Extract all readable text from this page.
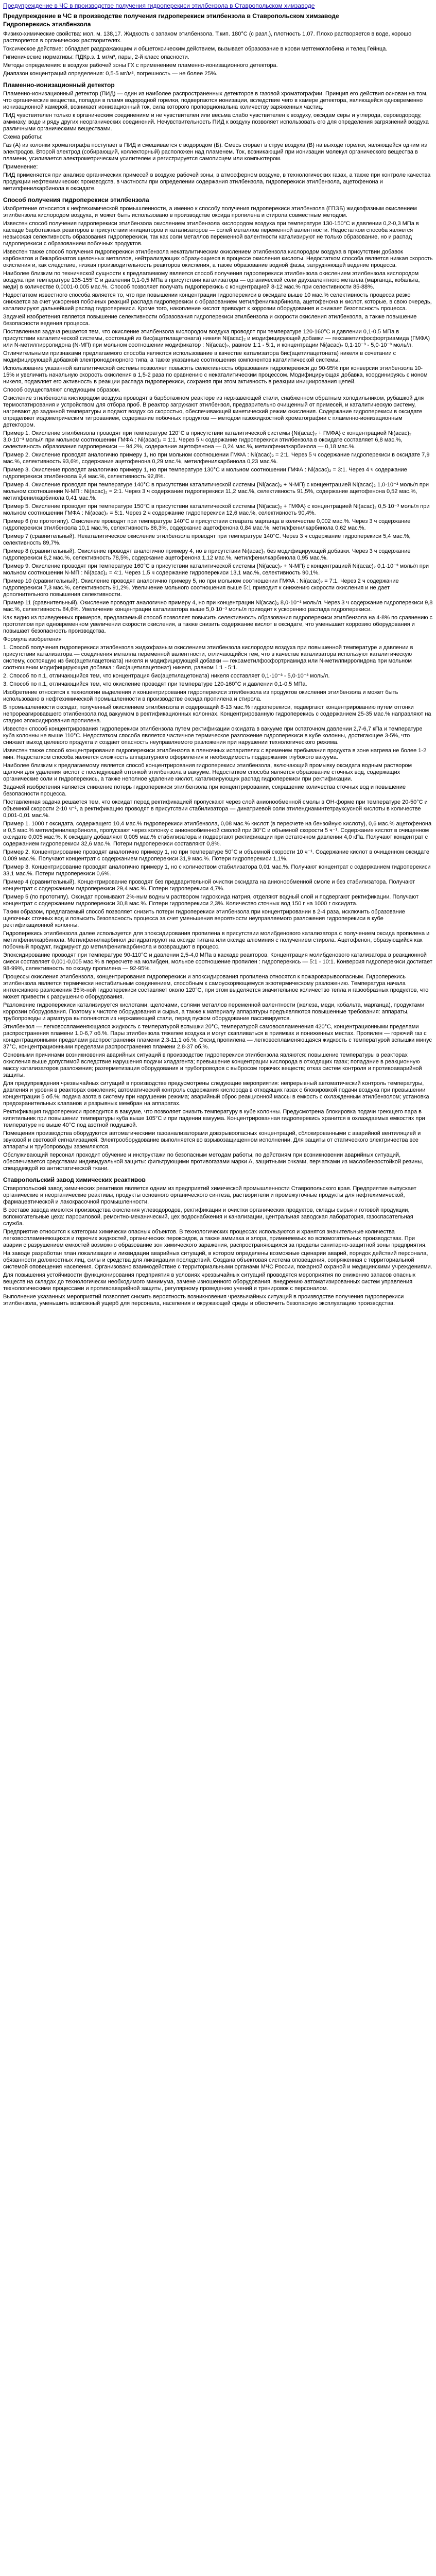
Предупреждение в ЧС в производстве получения гидроперекиси этилбензола в Ставропольском химзаводе
Предупреждение в ЧС в производстве получения гидроперекиси этилбензола в Ставропольском химзаводе
Гидроперекись этилбензола

Физико-химические свойства: мол. м. 138,17. Жидкость с запахом этилбензола. Т.кип. 180°С (с разл.), плотность 1,07. Плохо растворяется в воде, хорошо растворяется в органических растворителях.

Токсическое действие: обладает раздражающим и общетоксическим действием, вызывает образование в крови метгемоглобина и телец Гейнца.

Гигиенические нормативы: ПДКр.з. 1 мг/м³, пары, 2-й класс опасности.

Методы определения: в воздухе рабочей зоны ГХ с применением пламенно-ионизационного детектора.

Диапазон концентраций определения: 0,5-5 мг/м³, погрешность — не более 25%.

Пламенно-ионизационный детектор

Пламенно-ионизационный детектор (ПИД) — один из наиболее распространенных детекторов в газовой хроматографии. Принцип его действия основан на том, что органические вещества, попадая в пламя водородной горелки, подвергаются ионизации, вследствие чего в камере детектора, являющейся одновременно ионизационной камерой, возникает ионизационный ток, сила которого пропорциональна количеству заряженных частиц.

ПИД чувствителен только к органическим соединениям и не чувствителен или весьма слабо чувствителен к воздуху, оксидам серы и углерода, сероводороду, аммиаку, воде и ряду других неорганических соединений. Нечувствительность ПИД к воздуху позволяет использовать его для определения загрязнений воздуха различными органическими веществами.

Схема работы:

Газ (А) из колонки хроматографа поступает в ПИД и смешивается с водородом (Б). Смесь сгорает в струе воздуха (В) на выходе горелки, являющейся одним из электродов. Второй электрод (собирающий, коллекторный) расположен над пламенем. Ток, возникающий при ионизации молекул органического вещества в пламени, усиливается электрометрическим усилителем и регистрируется самописцем или компьютером.

Применение:

ПИД применяется при анализе органических примесей в воздухе рабочей зоны, в атмосферном воздухе, в технологических газах, а также при контроле качества продукции нефтехимических производств, в частности при определении содержания этилбензола, гидроперекиси этилбензола, ацетофенона и метилфенилкарбинола в оксидате.

Способ получения гидроперекиси этилбензола

Изобретение относится к нефтехимической промышленности, а именно к способу получения гидроперекиси этилбензола (ГПЭБ) жидкофазным окислением этилбензола кислородом воздуха, и может быть использовано в производстве оксида пропилена и стирола совместным методом.

Известен способ получения гидроперекиси этилбензола окислением этилбензола кислородом воздуха при температуре 130-150°С и давлении 0,2-0,3 МПа в каскаде барботажных реакторов в присутствии инициаторов и катализаторов — солей металлов переменной валентности. Недостатком способа является невысокая селективность образования гидроперекиси, так как соли металлов переменной валентности катализируют не только образование, но и распад гидроперекиси с образованием побочных продуктов.

Известен также способ получения гидроперекиси этилбензола некаталитическим окислением этилбензола кислородом воздуха в присутствии добавок карбонатов и бикарбонатов щелочных металлов, нейтрализующих образующиеся в процессе окисления кислоты. Недостатком способа является низкая скорость окисления и, как следствие, низкая производительность реакторов окисления, а также образование водной фазы, затрудняющей ведение процесса.

Наиболее близким по технической сущности к предлагаемому является способ получения гидроперекиси этилбензола окислением этилбензола кислородом воздуха при температуре 135-155°С и давлении 0,1-0,5 МПа в присутствии катализатора — органической соли двухвалентного металла (марганца, кобальта, меди) в количестве 0,0001-0,005 мас.%. Способ позволяет получать гидроперекись с концентрацией 8-12 мас.% при селективности 85-88%.

Недостатком известного способа является то, что при повышении концентрации гидроперекиси в оксидате выше 10 мас.% селективность процесса резко снижается за счет ускорения побочных реакций распада гидроперекиси с образованием метилфенилкарбинола, ацетофенона и кислот, которые, в свою очередь, катализируют дальнейший распад гидроперекиси. Кроме того, накопление кислот приводит к коррозии оборудования и снижает безопасность процесса.

Задачей изобретения является повышение селективности образования гидроперекиси этилбензола и скорости окисления этилбензола, а также повышение безопасности ведения процесса.

Поставленная задача решается тем, что окисление этилбензола кислородом воздуха проводят при температуре 120-160°С и давлении 0,1-0,5 МПа в присутствии каталитической системы, состоящей из бис(ацетилацетоната) никеля Ni(acac)₂ и модифицирующей добавки — гексаметилфосфортриамида (ГМФА) или N-метилпирролидона (N-МП) при мольном соотношении модификатор : Ni(acac)₂, равном 1:1 - 5:1, и концентрации Ni(acac)₂ 0,1·10⁻³ - 5,0·10⁻³ моль/л.

Отличительными признаками предлагаемого способа являются использование в качестве катализатора бис(ацетилацетоната) никеля в сочетании с модифицирующей добавкой электронодонорного типа, а также указанные соотношения компонентов каталитической системы.

Использование указанной каталитической системы позволяет повысить селективность образования гидроперекиси до 90-95% при конверсии этилбензола 10-15% и увеличить начальную скорость окисления в 1,5-2 раза по сравнению с некаталитическим процессом. Модифицирующая добавка, координируясь с ионом никеля, подавляет его активность в реакции распада гидроперекиси, сохраняя при этом активность в реакции инициирования цепей.

Способ осуществляют следующим образом.

Окисление этилбензола кислородом воздуха проводят в барботажном реакторе из нержавеющей стали, снабженном обратным холодильником, рубашкой для термостатирования и устройством для отбора проб. В реактор загружают этилбензол, предварительно очищенный от примесей, и каталитическую систему, нагревают до заданной температуры и подают воздух со скоростью, обеспечивающей кинетический режим окисления. Содержание гидроперекиси в оксидате определяют иодометрическим титрованием, содержание побочных продуктов — методом газожидкостной хроматографии с пламенно-ионизационным детектором.

Пример 1. Окисление этилбензола проводят при температуре 120°С в присутствии каталитической системы {Ni(acac)₂ + ГМФА} с концентрацией Ni(acac)₂ 3,0·10⁻³ моль/л при мольном соотношении ГМФА : Ni(acac)₂ = 1:1. Через 5 ч содержание гидроперекиси этилбензола в оксидате составляет 6,8 мас.%, селективность образования гидроперекиси — 94,2%, содержание ацетофенона — 0,24 мас.%, метилфенилкарбинола — 0,18 мас.%.

Пример 2. Окисление проводят аналогично примеру 1, но при мольном соотношении ГМФА : Ni(acac)₂ = 2:1. Через 5 ч содержание гидроперекиси в оксидате 7,9 мас.%, селективность 93,6%, содержание ацетофенона 0,29 мас.%, метилфенилкарбинола 0,23 мас.%.

Пример 3. Окисление проводят аналогично примеру 1, но при температуре 130°С и мольном соотношении ГМФА : Ni(acac)₂ = 3:1. Через 4 ч содержание гидроперекиси этилбензола 9,4 мас.%, селективность 92,8%.

Пример 4. Окисление проводят при температуре 140°С в присутствии каталитической системы {Ni(acac)₂ + N-МП} с концентрацией Ni(acac)₂ 1,0·10⁻³ моль/л при мольном соотношении N-МП : Ni(acac)₂ = 2:1. Через 3 ч содержание гидроперекиси 11,2 мас.%, селективность 91,5%, содержание ацетофенона 0,52 мас.%, метилфенилкарбинола 0,41 мас.%.

Пример 5. Окисление проводят при температуре 150°С в присутствии каталитической системы {Ni(acac)₂ + ГМФА} с концентрацией Ni(acac)₂ 0,5·10⁻³ моль/л при мольном соотношении ГМФА : Ni(acac)₂ = 5:1. Через 2 ч содержание гидроперекиси 12,6 мас.%, селективность 90,4%.

Пример 6 (по прототипу). Окисление проводят при температуре 140°С в присутствии стеарата марганца в количестве 0,002 мас.%. Через 3 ч содержание гидроперекиси этилбензола 10,1 мас.%, селективность 86,3%, содержание ацетофенона 0,84 мас.%, метилфенилкарбинола 0,62 мас.%.

Пример 7 (сравнительный). Некаталитическое окисление этилбензола проводят при температуре 140°С. Через 3 ч содержание гидроперекиси 5,4 мас.%, селективность 89,7%.

Пример 8 (сравнительный). Окисление проводят аналогично примеру 4, но в присутствии Ni(acac)₂ без модифицирующей добавки. Через 3 ч содержание гидроперекиси 8,2 мас.%, селективность 78,5%, содержание ацетофенона 1,12 мас.%, метилфенилкарбинола 0,95 мас.%.

Пример 9. Окисление проводят при температуре 160°С в присутствии каталитической системы {Ni(acac)₂ + N-МП} с концентрацией Ni(acac)₂ 0,1·10⁻³ моль/л при мольном соотношении N-МП : Ni(acac)₂ = 4:1. Через 1,5 ч содержание гидроперекиси 13,1 мас.%, селективность 90,1%.

Пример 10 (сравнительный). Окисление проводят аналогично примеру 5, но при мольном соотношении ГМФА : Ni(acac)₂ = 7:1. Через 2 ч содержание гидроперекиси 7,3 мас.%, селективность 91,2%. Увеличение мольного соотношения выше 5:1 приводит к снижению скорости окисления и не дает дополнительного повышения селективности.

Пример 11 (сравнительный). Окисление проводят аналогично примеру 4, но при концентрации Ni(acac)₂ 8,0·10⁻³ моль/л. Через 3 ч содержание гидроперекиси 9,8 мас.%, селективность 84,6%. Увеличение концентрации катализатора выше 5,0·10⁻³ моль/л приводит к ускорению распада гидроперекиси.

Как видно из приведенных примеров, предлагаемый способ позволяет повысить селективность образования гидроперекиси этилбензола на 4-8% по сравнению с прототипом при одновременном увеличении скорости окисления, а также снизить содержание кислот в оксидате, что уменьшает коррозию оборудования и повышает безопасность производства.

Формула изобретения

1. Способ получения гидроперекиси этилбензола жидкофазным окислением этилбензола кислородом воздуха при повышенной температуре и давлении в присутствии катализатора — соединения металла переменной валентности, отличающийся тем, что в качестве катализатора используют каталитическую систему, состоящую из бис(ацетилацетоната) никеля и модифицирующей добавки — гексаметилфосфортриамида или N-метилпирролидона при мольном соотношении модифицирующая добавка : бис(ацетилацетонат) никеля, равном 1:1 - 5:1.

2. Способ по п.1, отличающийся тем, что концентрация бис(ацетилацетоната) никеля составляет 0,1·10⁻³ - 5,0·10⁻³ моль/л.

3. Способ по п.1, отличающийся тем, что окисление проводят при температуре 120-160°С и давлении 0,1-0,5 МПа.

Изобретение относится к технологии выделения и концентрирования гидроперекиси этилбензола из продуктов окисления этилбензола и может быть использовано в нефтехимической промышленности в производстве оксида пропилена и стирола.

В промышленности оксидат, полученный окислением этилбензола и содержащий 8-13 мас.% гидроперекиси, подвергают концентрированию путем отгонки непрореагировавшего этилбензола под вакуумом в ректификационных колоннах. Концентрированную гидроперекись с содержанием 25-35 мас.% направляют на стадию эпоксидирования пропилена.

Известен способ концентрирования гидроперекиси этилбензола путем ректификации оксидата в вакууме при остаточном давлении 2,7-6,7 кПа и температуре куба колонны не выше 110°С. Недостатком способа является частичное термическое разложение гидроперекиси в кубе колонны, достигающее 3-5%, что снижает выход целевого продукта и создает опасность неуправляемого разложения при нарушении технологического режима.

Известен также способ концентрирования гидроперекиси этилбензола в пленочных испарителях с временем пребывания продукта в зоне нагрева не более 1-2 мин. Недостатком способа является сложность аппаратурного оформления и необходимость поддержания глубокого вакуума.

Наиболее близким к предлагаемому является способ концентрирования гидроперекиси этилбензола, включающий промывку оксидата водным раствором щелочи для удаления кислот с последующей отгонкой этилбензола в вакууме. Недостатком способа является образование сточных вод, содержащих органические соли и гидроперекись, а также неполное удаление кислот, катализирующих распад гидроперекиси при ректификации.

Задачей изобретения является снижение потерь гидроперекиси этилбензола при концентрировании, сокращение количества сточных вод и повышение безопасности процесса.

Поставленная задача решается тем, что оксидат перед ректификацией пропускают через слой анионообменной смолы в ОН-форме при температуре 20-50°С и объемной скорости 2-10 ч⁻¹, а ректификацию проводят в присутствии стабилизатора — динатриевой соли этилендиаминтетрауксусной кислоты в количестве 0,001-0,01 мас.%.

Пример 1. 1000 г оксидата, содержащего 10,4 мас.% гидроперекиси этилбензола, 0,08 мас.% кислот (в пересчете на бензойную кислоту), 0,6 мас.% ацетофенона и 0,5 мас.% метилфенилкарбинола, пропускают через колонку с анионообменной смолой при 30°С и объемной скорости 5 ч⁻¹. Содержание кислот в очищенном оксидате 0,005 мас.%. К оксидату добавляют 0,005 мас.% стабилизатора и подвергают ректификации при остаточном давлении 4,0 кПа. Получают концентрат с содержанием гидроперекиси 32,6 мас.%. Потери гидроперекиси составляют 0,8%.

Пример 2. Концентрирование проводят аналогично примеру 1, но при температуре 50°С и объемной скорости 10 ч⁻¹. Содержание кислот в очищенном оксидате 0,009 мас.%. Получают концентрат с содержанием гидроперекиси 31,9 мас.%. Потери гидроперекиси 1,1%.

Пример 3. Концентрирование проводят аналогично примеру 1, но с количеством стабилизатора 0,01 мас.%. Получают концентрат с содержанием гидроперекиси 33,1 мас.%. Потери гидроперекиси 0,6%.

Пример 4 (сравнительный). Концентрирование проводят без предварительной очистки оксидата на анионообменной смоле и без стабилизатора. Получают концентрат с содержанием гидроперекиси 29,4 мас.%. Потери гидроперекиси 4,7%.

Пример 5 (по прототипу). Оксидат промывают 2%-ным водным раствором гидроксида натрия, отделяют водный слой и подвергают ректификации. Получают концентрат с содержанием гидроперекиси 30,8 мас.%. Потери гидроперекиси 2,3%. Количество сточных вод 150 г на 1000 г оксидата.

Таким образом, предлагаемый способ позволяет снизить потери гидроперекиси этилбензола при концентрировании в 2-4 раза, исключить образование щелочных сточных вод и повысить безопасность процесса за счет уменьшения вероятности неуправляемого разложения гидроперекиси в кубе ректификационной колонны.

Гидроперекись этилбензола далее используется для эпоксидирования пропилена в присутствии молибденового катализатора с получением оксида пропилена и метилфенилкарбинола. Метилфенилкарбинол дегидратируют на оксиде титана или оксиде алюминия с получением стирола. Ацетофенон, образующийся как побочный продукт, гидрируют до метилфенилкарбинола и возвращают в процесс.

Эпоксидирование проводят при температуре 90-110°С и давлении 2,5-4,0 МПа в каскаде реакторов. Концентрация молибденового катализатора в реакционной смеси составляет 0,001-0,005 мас.% в пересчете на молибден, мольное соотношение пропилен : гидроперекись — 5:1 - 10:1. Конверсия гидроперекиси достигает 98-99%, селективность по оксиду пропилена — 92-95%.

Процессы окисления этилбензола, концентрирования гидроперекиси и эпоксидирования пропилена относятся к пожаровзрывоопасным. Гидроперекись этилбензола является термически нестабильным соединением, способным к самоускоряющемуся экзотермическому разложению. Температура начала интенсивного разложения 35%-ной гидроперекиси составляет около 120°С, при этом выделяется значительное количество тепла и газообразных продуктов, что может привести к разрушению оборудования.

Разложение гидроперекиси катализируется кислотами, щелочами, солями металлов переменной валентности (железа, меди, кобальта, марганца), продуктами коррозии оборудования. Поэтому к чистоте оборудования и сырья, а также к материалу аппаратуры предъявляются повышенные требования: аппараты, трубопроводы и арматура выполняются из нержавеющей стали, перед пуском оборудование пассивируется.

Этилбензол — легковоспламеняющаяся жидкость с температурой вспышки 20°С, температурой самовоспламенения 420°С, концентрационными пределами распространения пламени 1,0-6,7 об.%. Пары этилбензола тяжелее воздуха и могут скапливаться в приямках и пониженных местах. Пропилен — горючий газ с концентрационными пределами распространения пламени 2,3-11,1 об.%. Оксид пропилена — легковоспламеняющаяся жидкость с температурой вспышки минус 37°С, концентрационными пределами распространения пламени 2,8-37 об.%.

Основными причинами возникновения аварийных ситуаций в производстве гидроперекиси этилбензола являются: повышение температуры в реакторах окисления выше допустимой вследствие нарушения подачи хладагента; превышение концентрации кислорода в отходящих газах; попадание в реакционную массу катализаторов разложения; разгерметизация оборудования и трубопроводов с выбросом горючих веществ; отказ систем контроля и противоаварийной защиты.

Для предупреждения чрезвычайных ситуаций в производстве предусмотрены следующие мероприятия: непрерывный автоматический контроль температуры, давления и уровня в реакторах окисления; автоматический контроль содержания кислорода в отходящих газах с блокировкой подачи воздуха при превышении концентрации 5 об.%; подача азота в систему при нарушении режима; аварийный сброс реакционной массы в емкость с охлажденным этилбензолом; установка предохранительных клапанов и разрывных мембран на аппаратах.

Ректификация гидроперекиси проводится в вакууме, что позволяет снизить температуру в кубе колонны. Предусмотрена блокировка подачи греющего пара в кипятильник при повышении температуры куба выше 105°С и при падении вакуума. Концентрированная гидроперекись хранится в охлаждаемых емкостях при температуре не выше 40°С под азотной подушкой.

Помещения производства оборудуются автоматическими газоанализаторами довзрывоопасных концентраций, сблокированными с аварийной вентиляцией и звуковой и световой сигнализацией. Электрооборудование выполняется во взрывозащищенном исполнении. Для защиты от статического электричества все аппараты и трубопроводы заземляются.

Обслуживающий персонал проходит обучение и инструктажи по безопасным методам работы, по действиям при возникновении аварийных ситуаций, обеспечивается средствами индивидуальной защиты: фильтрующими противогазами марки А, защитными очками, перчатками из маслобензостойкой резины, спецодеждой из антистатической ткани.

Ставропольский завод химических реактивов

Ставропольский завод химических реактивов является одним из предприятий химической промышленности Ставропольского края. Предприятие выпускает органические и неорганические реактивы, продукты основного органического синтеза, растворители и промежуточные продукты для нефтехимической, фармацевтической и лакокрасочной промышленности.

В составе завода имеются производства окисления углеводородов, ректификации и очистки органических продуктов, склады сырья и готовой продукции, вспомогательные цеха: паросиловой, ремонтно-механический, цех водоснабжения и канализации, центральная заводская лаборатория, газоспасательная служба.

Предприятие относится к категории химически опасных объектов. В технологических процессах используются и хранятся значительные количества легковоспламеняющихся и горючих жидкостей, органических пероксидов, а также аммиака и хлора, применяемых во вспомогательных производствах. При аварии с разрушением емкостей возможно образование зон химического заражения, распространяющихся за пределы санитарно-защитной зоны предприятия.

На заводе разработан план локализации и ликвидации аварийных ситуаций, в котором определены возможные сценарии аварий, порядок действий персонала, обязанности должностных лиц, силы и средства для ликвидации последствий. Создана объектовая система оповещения, сопряженная с территориальной системой оповещения населения. Организовано взаимодействие с территориальными органами МЧС России, пожарной охраной и медицинскими учреждениями.

Для повышения устойчивости функционирования предприятия в условиях чрезвычайных ситуаций проводятся мероприятия по снижению запасов опасных веществ на складах до технологически необходимого минимума, замене изношенного оборудования, внедрению автоматизированных систем управления технологическими процессами и противоаварийной защиты, регулярному проведению учений и тренировок с персоналом.

Выполнение указанных мероприятий позволяет снизить вероятность возникновения чрезвычайных ситуаций в производстве получения гидроперекиси этилбензола, уменьшить возможный ущерб для персонала, населения и окружающей среды и обеспечить безопасную эксплуатацию производства.
